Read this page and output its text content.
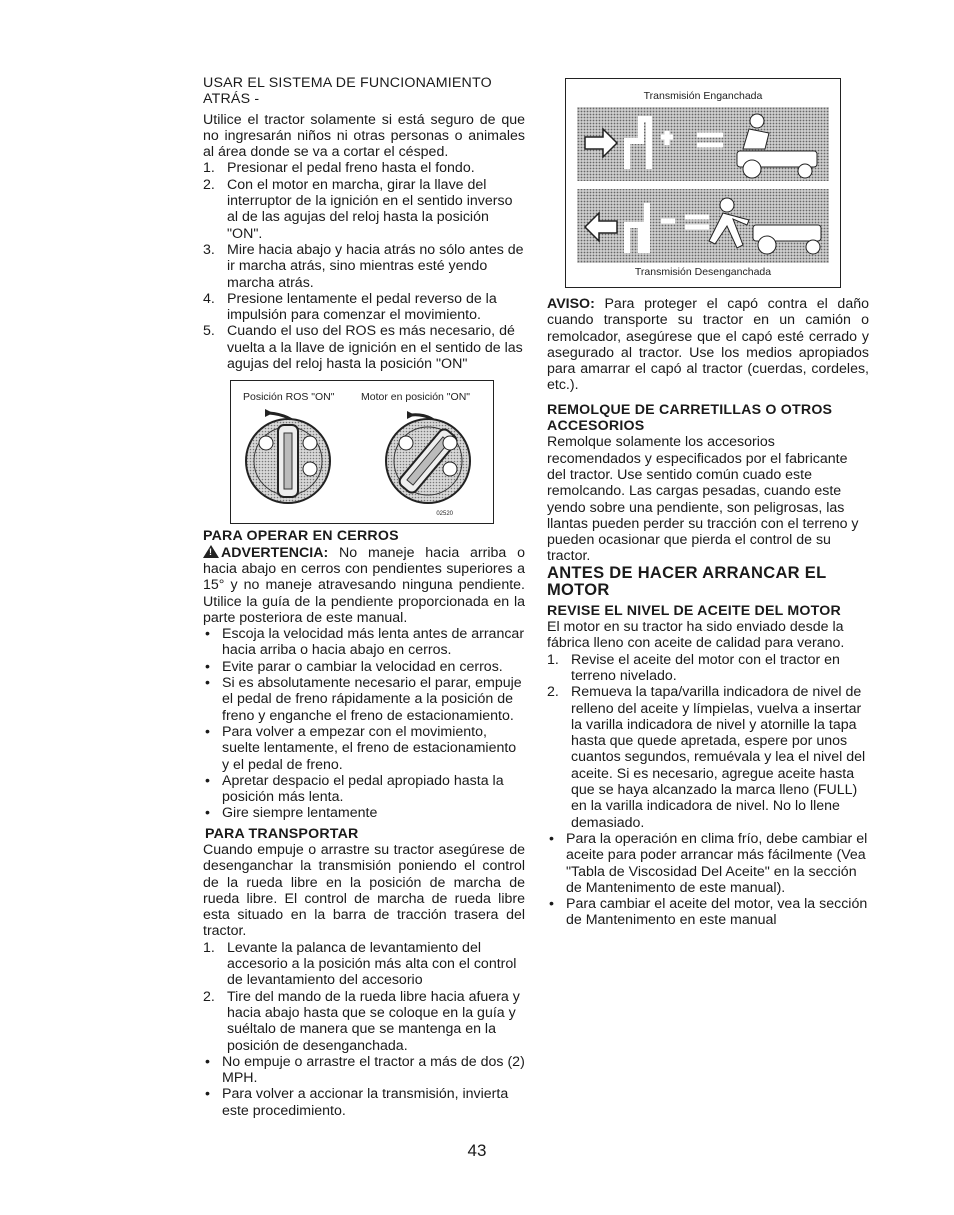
USAR EL SISTEMA DE FUNCIONAMIENTO ATRÁS -

Utilice el tractor solamente si está seguro de que no ingresarán niños ni otras personas o animales al área donde se va a cortar el césped.

1. Presionar el pedal freno hasta el fondo.
2. Con el motor en marcha, girar la llave del interruptor de la ignición en el sentido inverso al de las agujas del reloj hasta la posición "ON".
3. Mire hacia abajo y hacia atrás no sólo antes de ir marcha atrás, sino mientras esté yendo marcha atrás.
4. Presione lentamente el pedal reverso de la impulsión para comenzar el movimiento.
5. Cuando el uso del ROS es más necesario, dé vuelta a la llave de ignición en el sentido de las agujas del reloj hasta la posición "ON"
Posición ROS "ON"	Motor en posición "ON"
02520

PARA OPERAR EN CERROS

!ADVERTENCIA: No maneje hacia arriba o hacia abajo en cerros con pendientes superiores a 15° y no maneje atravesando ninguna pendiente. Utilice la guía de la pendiente proporcionada en la parte posteriora de este manual.

• Escoja la velocidad más lenta antes de arrancar hacia arriba o hacia abajo en cerros.
• Evite parar o cambiar la velocidad en cerros.
• Si es absolutamente necesario el parar, empuje el pedal de freno rápidamente a la posición de freno y enganche el freno de estacionamiento.
• Para volver a empezar con el movimiento, suelte lentamente, el freno de estacionamiento y el pedal de freno.
• Apretar despacio el pedal apropiado hasta la posición más lenta.
• Gire siempre lentamente

PARA TRANSPORTAR

Cuando empuje o arrastre su tractor asegúrese de desenganchar la transmisión poniendo el control de la rueda libre en la posición de marcha de rueda libre. El control de marcha de rueda libre esta situado en la barra de tracción trasera del tractor.

1. Levante la palanca de levantamiento del accesorio a la posición más alta con el control de levantamiento del accesorio
2. Tire del mando de la rueda libre hacia afuera y hacia abajo hasta que se coloque en la guía y suéltalo de manera que se mantenga en la posición de desenganchada.
• No empuje o arrastre el tractor a más de dos (2) MPH.
• Para volver a accionar la transmisión, invierta este procedimiento.
Transmisión Enganchada
Transmisión Desenganchada

AVISO: Para proteger el capó contra el daño cuando transporte su tractor en un camión o remolcador, asegúrese que el capó esté cerrado y asegurado al tractor. Use los medios apropiados para amarrar el capó al tractor (cuerdas, cordeles, etc.).

REMOLQUE DE CARRETILLAS O OTROS ACCESORIOS

Remolque solamente los accesorios recomendados y especificados por el fabricante del tractor. Use sentido común cuado este remolcando. Las cargas pesadas, cuando este yendo sobre una pendiente, son peligrosas, las llantas pueden perder su tracción con el terreno y pueden ocasionar que pierda el control de su tractor.

ANTES DE HACER ARRANCAR EL MOTOR

REVISE EL NIVEL DE ACEITE DEL MOTOR

El motor en su tractor ha sido enviado desde la fábrica lleno con aceite de calidad para verano.

1. Revise el aceite del motor con el tractor en terreno nivelado.
2. Remueva la tapa/varilla indicadora de nivel de relleno del aceite y límpielas, vuelva a insertar la varilla indicadora de nivel y atornille la tapa hasta que quede apretada, espere por unos cuantos segundos, remuévala y lea el nivel del aceite. Si es necesario, agregue aceite hasta que se haya alcanzado la marca lleno (FULL) en la varilla indicadora de nivel. No lo llene demasiado.
• Para la operación en clima frío, debe cambiar el aceite para poder arrancar más fácilmente (Vea "Tabla de Viscosidad Del Aceite" en la sección de Mantenimento de este manual).
• Para cambiar el aceite del motor, vea la sección de Mantenimento en este manual
43
